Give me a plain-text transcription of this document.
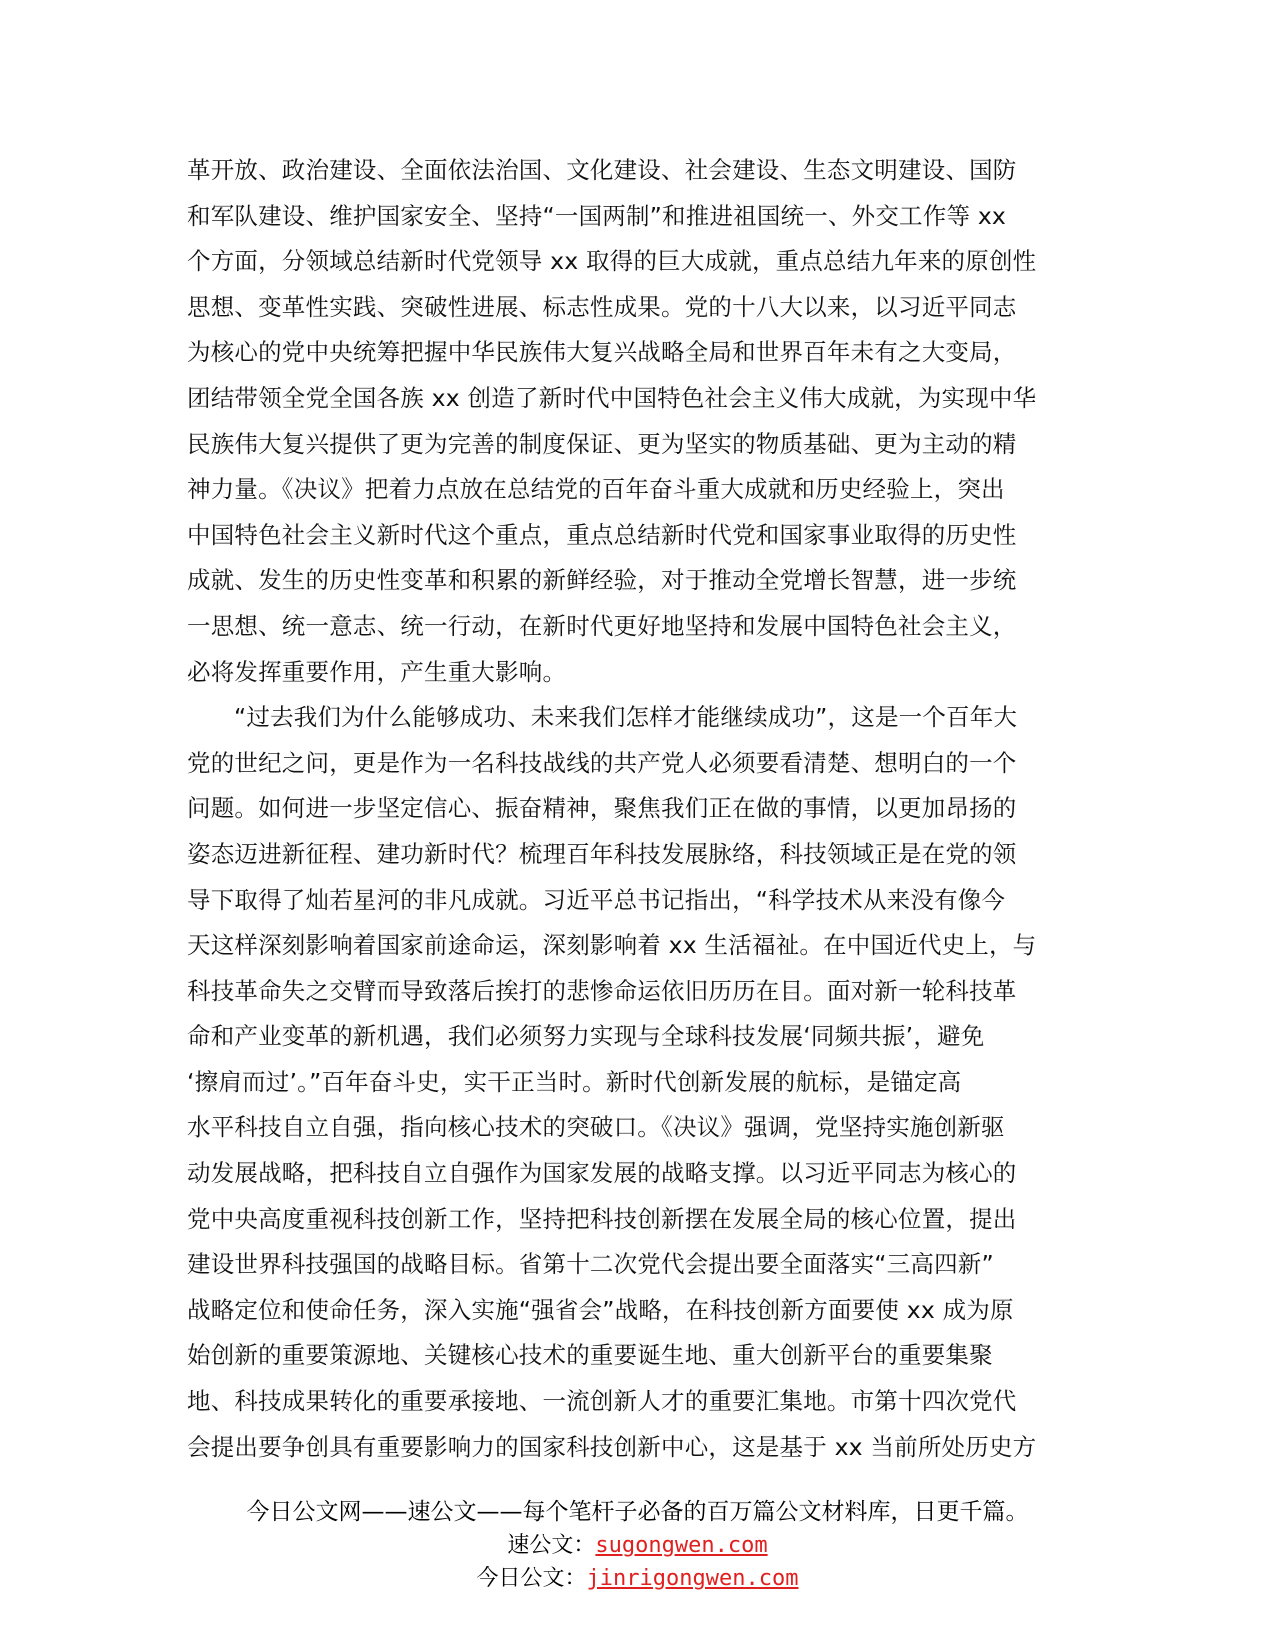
革开放、政治建设、全面依法治国、文化建设、社会建设、生态文明建设、国防
和军队建设、维护国家安全、坚持“一国两制”和推进祖国统一、外交工作等 xx
个方面，分领域总结新时代党领导 xx 取得的巨大成就，重点总结九年来的原创性
思想、变革性实践、突破性进展、标志性成果。党的十八大以来，以习近平同志
为核心的党中央统筹把握中华民族伟大复兴战略全局和世界百年未有之大变局，
团结带领全党全国各族 xx 创造了新时代中国特色社会主义伟大成就，为实现中华
民族伟大复兴提供了更为完善的制度保证、更为坚实的物质基础、更为主动的精
神力量。《决议》把着力点放在总结党的百年奋斗重大成就和历史经验上，突出
中国特色社会主义新时代这个重点，重点总结新时代党和国家事业取得的历史性
成就、发生的历史性变革和积累的新鲜经验，对于推动全党增长智慧，进一步统
一思想、统一意志、统一行动，在新时代更好地坚持和发展中国特色社会主义，
必将发挥重要作用，产生重大影响。
“过去我们为什么能够成功、未来我们怎样才能继续成功”，这是一个百年大
党的世纪之问，更是作为一名科技战线的共产党人必须要看清楚、想明白的一个
问题。如何进一步坚定信心、振奋精神，聚焦我们正在做的事情，以更加昂扬的
姿态迈进新征程、建功新时代？梳理百年科技发展脉络，科技领域正是在党的领
导下取得了灿若星河的非凡成就。习近平总书记指出，“科学技术从来没有像今
天这样深刻影响着国家前途命运，深刻影响着 xx 生活福祉。在中国近代史上，与
科技革命失之交臂而导致落后挨打的悲惨命运依旧历历在目。面对新一轮科技革
命和产业变革的新机遇，我们必须努力实现与全球科技发展‘同频共振’，避免
‘擦肩而过’。”百年奋斗史，实干正当时。新时代创新发展的航标，是锚定高
水平科技自立自强，指向核心技术的突破口。《决议》强调，党坚持实施创新驱
动发展战略，把科技自立自强作为国家发展的战略支撑。以习近平同志为核心的
党中央高度重视科技创新工作，坚持把科技创新摆在发展全局的核心位置，提出
建设世界科技强国的战略目标。省第十二次党代会提出要全面落实“三高四新”
战略定位和使命任务，深入实施“强省会”战略，在科技创新方面要使 xx 成为原
始创新的重要策源地、关键核心技术的重要诞生地、重大创新平台的重要集聚
地、科技成果转化的重要承接地、一流创新人才的重要汇集地。市第十四次党代
会提出要争创具有重要影响力的国家科技创新中心，这是基于 xx 当前所处历史方
今日公文网——速公文——每个笔杆子必备的百万篇公文材料库，日更千篇。
速公文：sugongwen.com
今日公文：jinrigongwen.com
